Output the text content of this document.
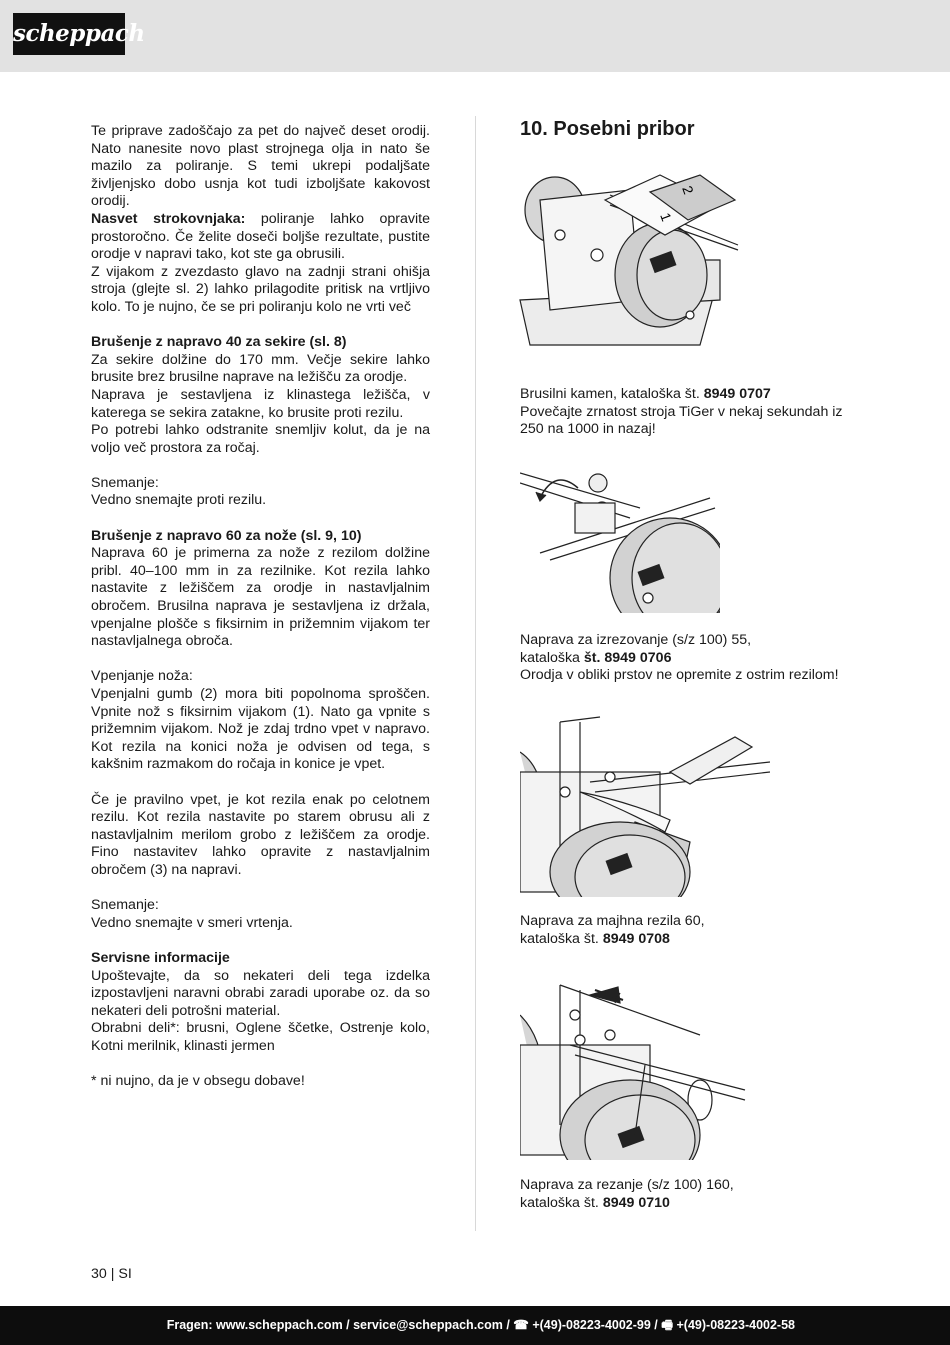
scheppach

Te priprave zadoščajo za pet do največ deset orodij. Nato nanesite novo plast strojnega olja in nato še mazilo za poliranje. S temi ukrepi podaljšate življenjsko dobo usnja kot tudi izboljšate kakovost orodij.

Nasvet strokovnjaka: poliranje lahko opravite prostoročno. Če želite doseči boljše rezultate, pustite orodje v napravi tako, kot ste ga obrusili.

Z vijakom z zvezdasto glavo na zadnji strani ohišja stroja (glejte sl. 2) lahko prilagodite pritisk na vrtljivo kolo. To je nujno, če se pri poliranju kolo ne vrti več

Brušenje z napravo 40 za sekire (sl. 8)

Za sekire dolžine do 170 mm. Večje sekire lahko brusite brez brusilne naprave na ležišču za orodje.

Naprava je sestavljena iz klinastega ležišča, v katerega se sekira zatakne, ko brusite proti rezilu.

Po potrebi lahko odstranite snemljiv kolut, da je na voljo več prostora za ročaj.

Snemanje:

Vedno snemajte proti rezilu.

Brušenje z napravo 60 za nože (sl. 9, 10)

Naprava 60 je primerna za nože z rezilom dolžine pribl. 40–100 mm in za rezilnike. Kot rezila lahko nastavite z ležiščem za orodje in nastavljalnim obročem. Brusilna naprava je sestavljena iz držala, vpenjalne plošče s fiksirnim in prižemnim vijakom ter nastavljalnega obroča.

Vpenjanje noža:

Vpenjalni gumb (2) mora biti popolnoma sproščen. Vpnite nož s fiksirnim vijakom (1). Nato ga vpnite s prižemnim vijakom. Nož je zdaj trdno vpet v napravo. Kot rezila na konici noža je odvisen od tega, s kakšnim razmakom do ročaja in konice je vpet.

Če je pravilno vpet, je kot rezila enak po celotnem rezilu. Kot rezila nastavite po starem obrusu ali z nastavljalnim merilom grobo z ležiščem za orodje. Fino nastavitev lahko opravite z nastavljalnim obročem (3) na napravi.

Snemanje:

Vedno snemajte v smeri vrtenja.

Servisne informacije

Upoštevajte, da so nekateri deli tega izdelka izpostavljeni naravni obrabi zaradi uporabe oz. da so nekateri deli potrošni material.

Obrabni deli*: brusni, Oglene ščetke, Ostrenje kolo, Kotni merilnik, klinasti jermen

* ni nujno, da je v obsegu dobave!

10. Posebni pribor
2
1

Brusilni kamen, kataloška št. 8949 0707

Povečajte zrnatost stroja TiGer v nekaj sekundah iz 250 na 1000 in nazaj!

Naprava za izrezovanje (s/z 100) 55,

kataloška št. 8949 0706

Orodja v obliki prstov ne opremite z ostrim rezilom!

Naprava za majhna rezila 60,

kataloška št. 8949 0708

Naprava za rezanje (s/z 100) 160,

kataloška št. 8949 0710

30 | SI
Fragen: www.scheppach.com / service@scheppach.com / ☎ +(49)-08223-4002-99 / 🖷 +(49)-08223-4002-58
